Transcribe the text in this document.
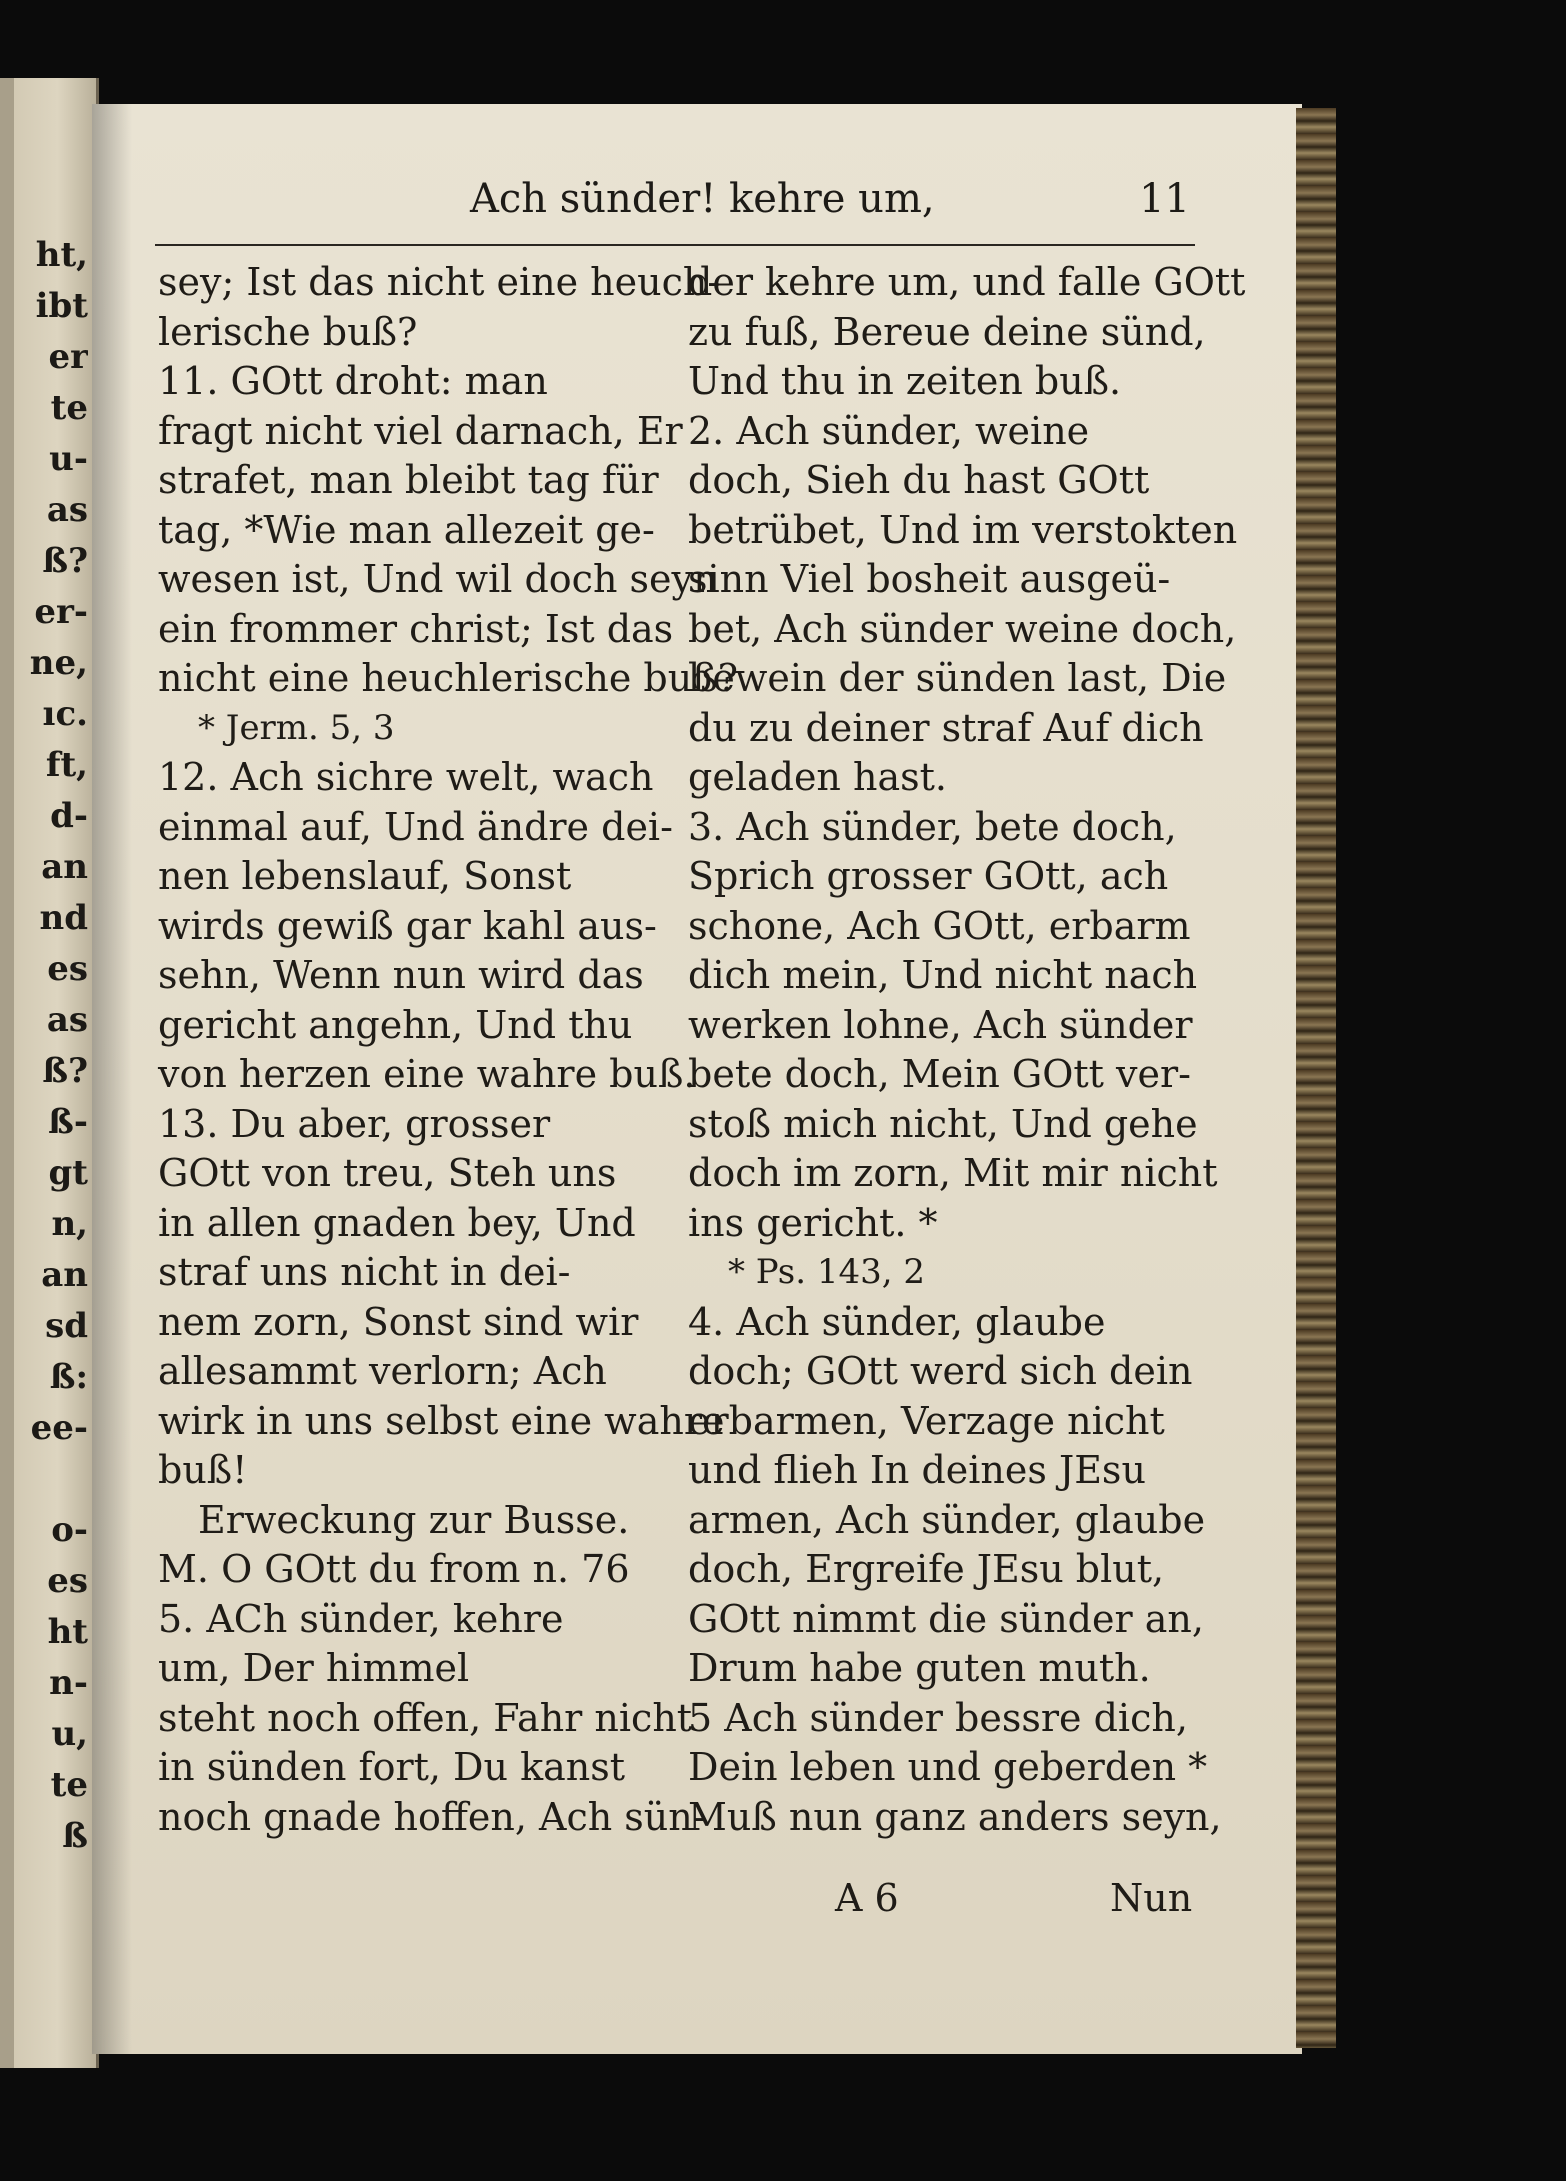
ht,
ibt
er
te
u-
as
ß?
er-
ne,
ıc.
ft,
d-
an
nd
es
as
ß?
ß-
gt
n,
an
sd
ß:
ee-
o-
es
ht
n-
u,
te
ß
Ach sünder! kehre um,	11
sey; Ist das nicht eine heuch-
lerische buß?
11. GOtt droht: man
fragt nicht viel darnach, Er
strafet, man bleibt tag für
tag, *Wie man allezeit ge-
wesen ist, Und wil doch seyn
ein frommer christ; Ist das
nicht eine heuchlerische buß?
* Jerm. 5, 3
12. Ach sichre welt, wach
einmal auf, Und ändre dei-
nen lebenslauf, Sonst
wirds gewiß gar kahl aus-
sehn, Wenn nun wird das
gericht angehn, Und thu
von herzen eine wahre buß.
13. Du aber, grosser
GOtt von treu, Steh uns
in allen gnaden bey, Und
straf uns nicht in dei-
nem zorn, Sonst sind wir
allesammt verlorn; Ach
wirk in uns selbst eine wahre
buß!
Erweckung zur Busse.
M. O GOtt du from n. 76
5. ACh sünder, kehre
um, Der himmel
steht noch offen, Fahr nicht
in sünden fort, Du kanst
noch gnade hoffen, Ach sün-
der kehre um, und falle GOtt
zu fuß, Bereue deine sünd,
Und thu in zeiten buß.
2. Ach sünder, weine
doch, Sieh du hast GOtt
betrübet, Und im verstokten
sinn Viel bosheit ausgeü-
bet, Ach sünder weine doch,
bewein der sünden last, Die
du zu deiner straf Auf dich
geladen hast.
3. Ach sünder, bete doch,
Sprich grosser GOtt, ach
schone, Ach GOtt, erbarm
dich mein, Und nicht nach
werken lohne, Ach sünder
bete doch, Mein GOtt ver-
stoß mich nicht, Und gehe
doch im zorn, Mit mir nicht
ins gericht. *
* Ps. 143, 2
4. Ach sünder, glaube
doch; GOtt werd sich dein
erbarmen, Verzage nicht
und flieh In deines JEsu
armen, Ach sünder, glaube
doch, Ergreife JEsu blut,
GOtt nimmt die sünder an,
Drum habe guten muth.
5 Ach sünder bessre dich,
Dein leben und geberden *
Muß nun ganz anders seyn,
A 6	Nun
